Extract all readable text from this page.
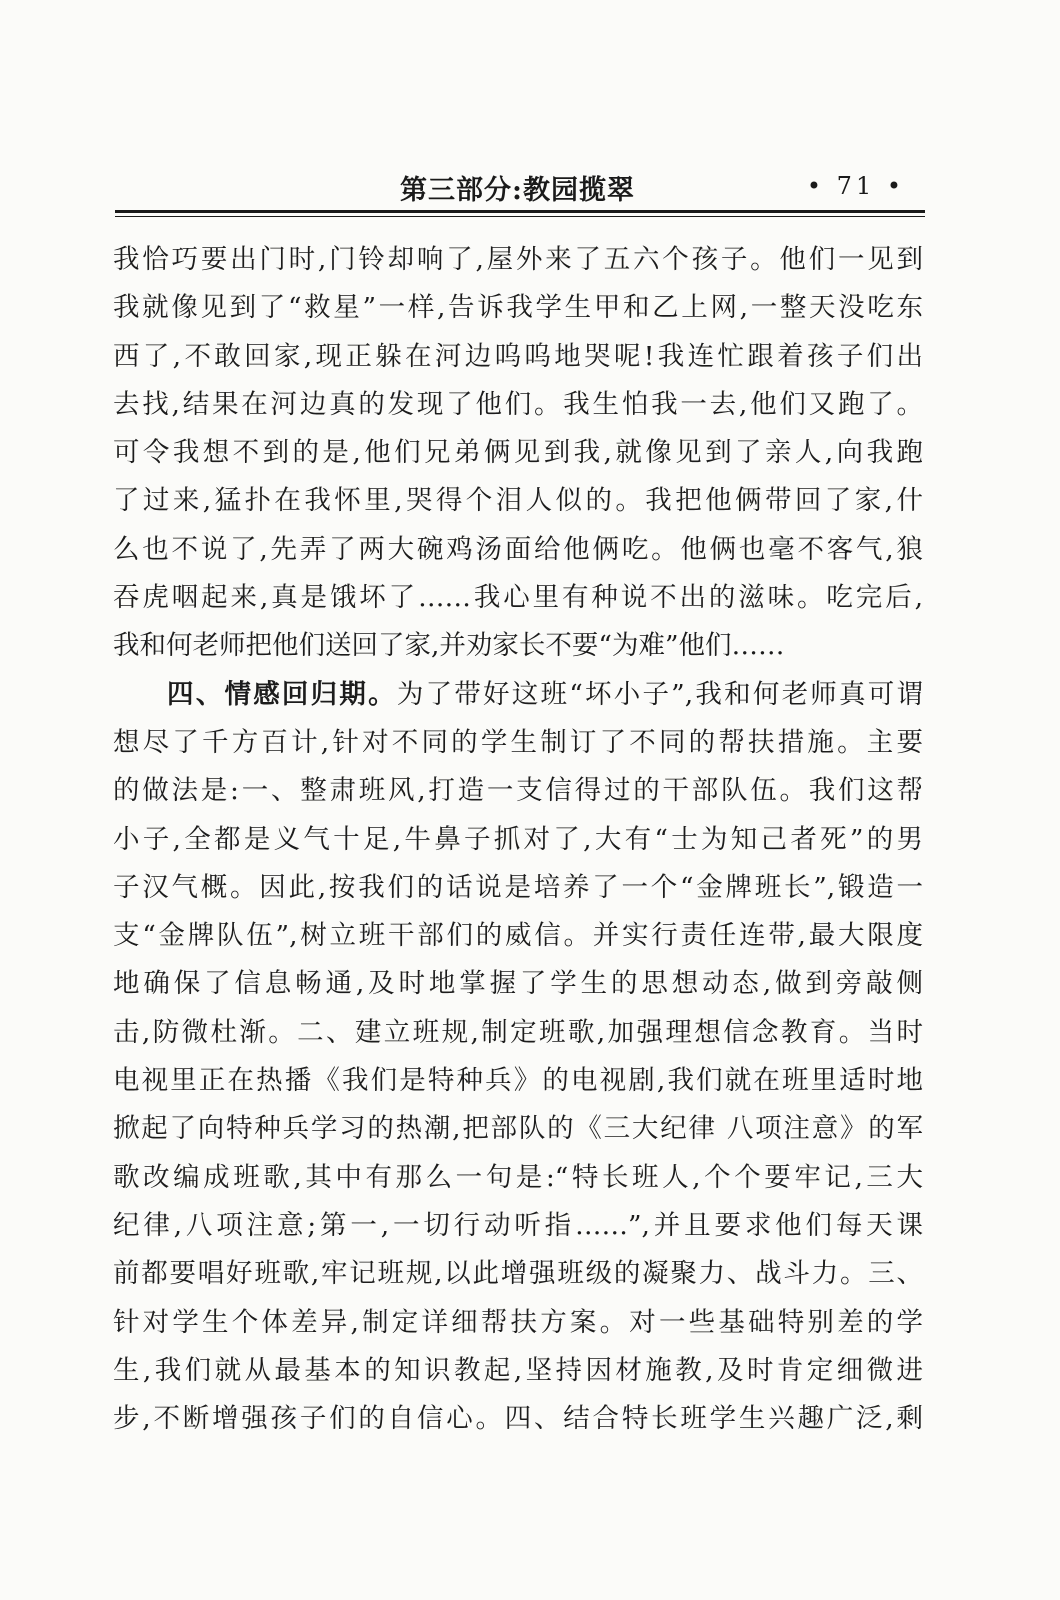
第三部分:教园揽翠	• 71 •
我恰巧要出门时,门铃却响了,屋外来了五六个孩子。他们一见到
我就像见到了“救星”一样,告诉我学生甲和乙上网,一整天没吃东
西了,不敢回家,现正躲在河边呜呜地哭呢!我连忙跟着孩子们出
去找,结果在河边真的发现了他们。我生怕我一去,他们又跑了。
可令我想不到的是,他们兄弟俩见到我,就像见到了亲人,向我跑
了过来,猛扑在我怀里,哭得个泪人似的。我把他俩带回了家,什
么也不说了,先弄了两大碗鸡汤面给他俩吃。他俩也毫不客气,狼
吞虎咽起来,真是饿坏了……我心里有种说不出的滋味。吃完后,
我和何老师把他们送回了家,并劝家长不要“为难”他们……
四、情感回归期。为了带好这班“坏小子”,我和何老师真可谓
想尽了千方百计,针对不同的学生制订了不同的帮扶措施。主要
的做法是:一、整肃班风,打造一支信得过的干部队伍。我们这帮
小子,全都是义气十足,牛鼻子抓对了,大有“士为知己者死”的男
子汉气概。因此,按我们的话说是培养了一个“金牌班长”,锻造一
支“金牌队伍”,树立班干部们的威信。并实行责任连带,最大限度
地确保了信息畅通,及时地掌握了学生的思想动态,做到旁敲侧
击,防微杜渐。二、建立班规,制定班歌,加强理想信念教育。当时
电视里正在热播《我们是特种兵》的电视剧,我们就在班里适时地
掀起了向特种兵学习的热潮,把部队的《三大纪律 八项注意》的军
歌改编成班歌,其中有那么一句是:“特长班人,个个要牢记,三大
纪律,八项注意;第一,一切行动听指……”,并且要求他们每天课
前都要唱好班歌,牢记班规,以此增强班级的凝聚力、战斗力。三、
针对学生个体差异,制定详细帮扶方案。对一些基础特别差的学
生,我们就从最基本的知识教起,坚持因材施教,及时肯定细微进
步,不断增强孩子们的自信心。四、结合特长班学生兴趣广泛,剩
